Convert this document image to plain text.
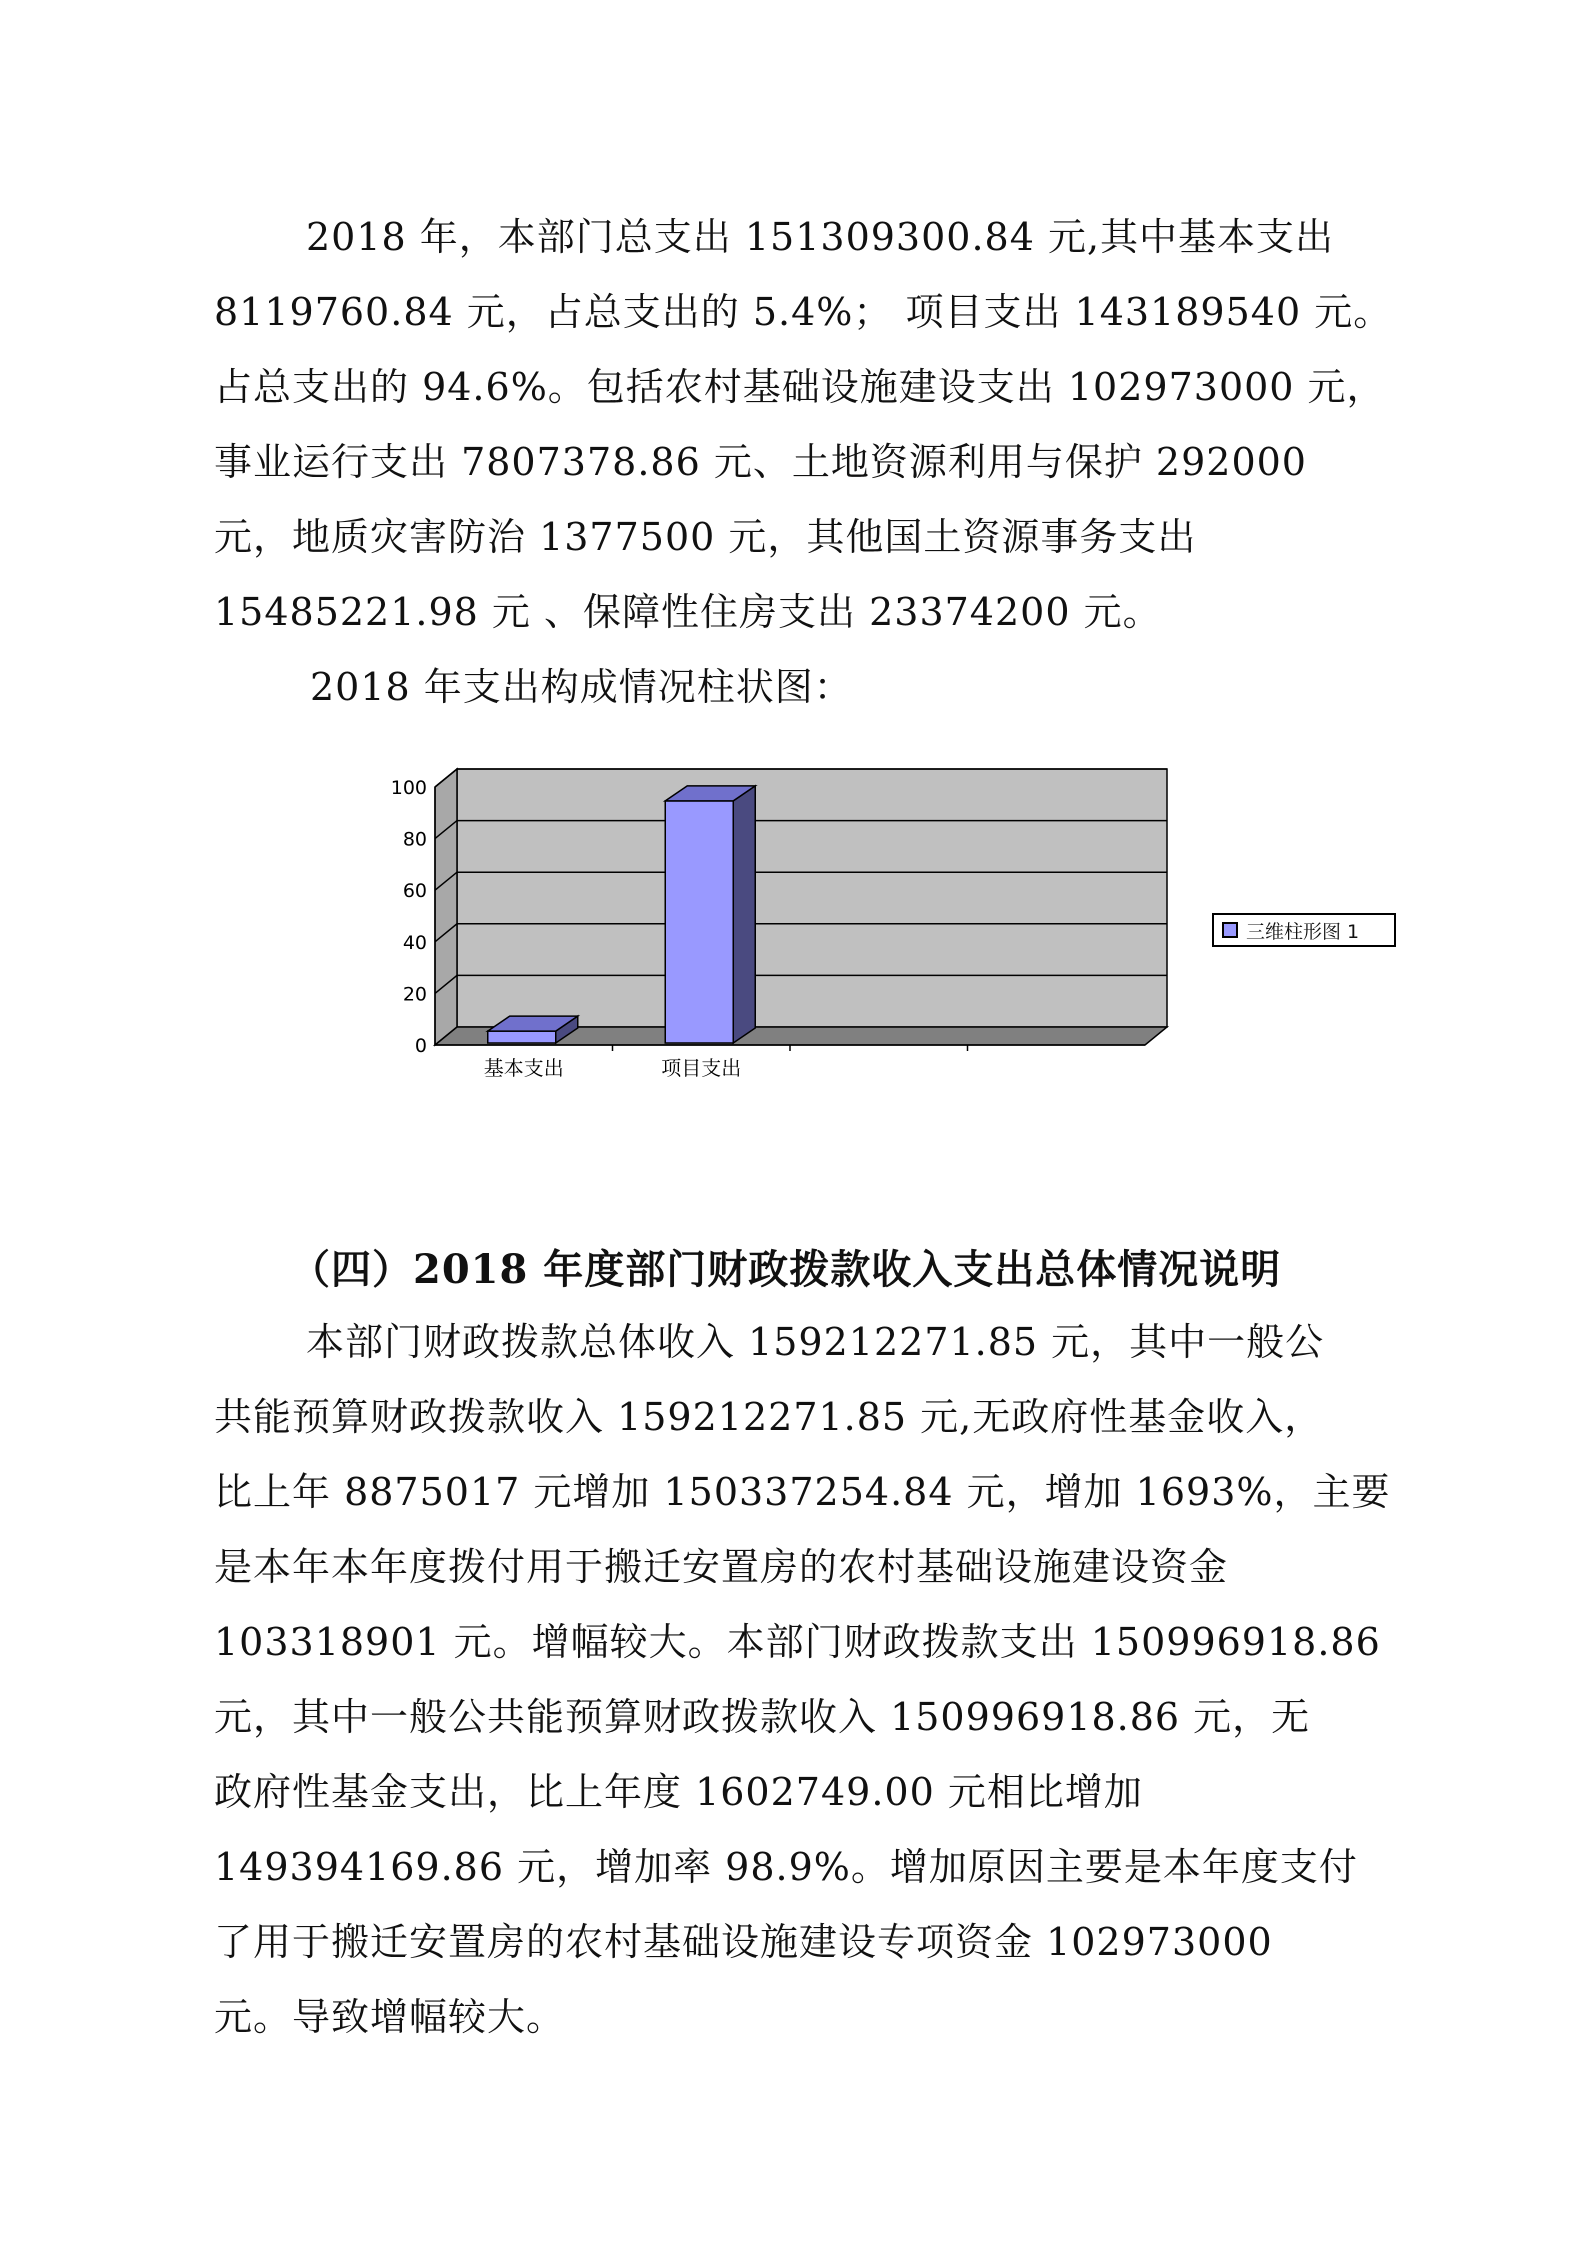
2018 年，本部门总支出 151309300.84 元,其中基本支出
8119760.84 元，占总支出的 5.4%； 项目支出 143189540 元。
占总支出的 94.6%。包括农村基础设施建设支出 102973000 元，
事业运行支出 7807378.86 元、土地资源利用与保护 292000
元，地质灾害防治 1377500 元，其他国土资源事务支出
15485221.98 元 、保障性住房支出 23374200 元。
2018 年支出构成情况柱状图：
0
20
40
60
80
100
基本支出	项目支出
三维柱形图 1
（四）2018 年度部门财政拨款收入支出总体情况说明
本部门财政拨款总体收入 159212271.85 元，其中一般公
共能预算财政拨款收入 159212271.85 元,无政府性基金收入，
比上年 8875017 元增加 150337254.84 元，增加 1693%，主要
是本年本年度拨付用于搬迁安置房的农村基础设施建设资金
103318901 元。增幅较大。本部门财政拨款支出 150996918.86
元，其中一般公共能预算财政拨款收入 150996918.86 元，无
政府性基金支出，比上年度 1602749.00 元相比增加
149394169.86 元，增加率 98.9%。增加原因主要是本年度支付
了用于搬迁安置房的农村基础设施建设专项资金 102973000
元。导致增幅较大。
